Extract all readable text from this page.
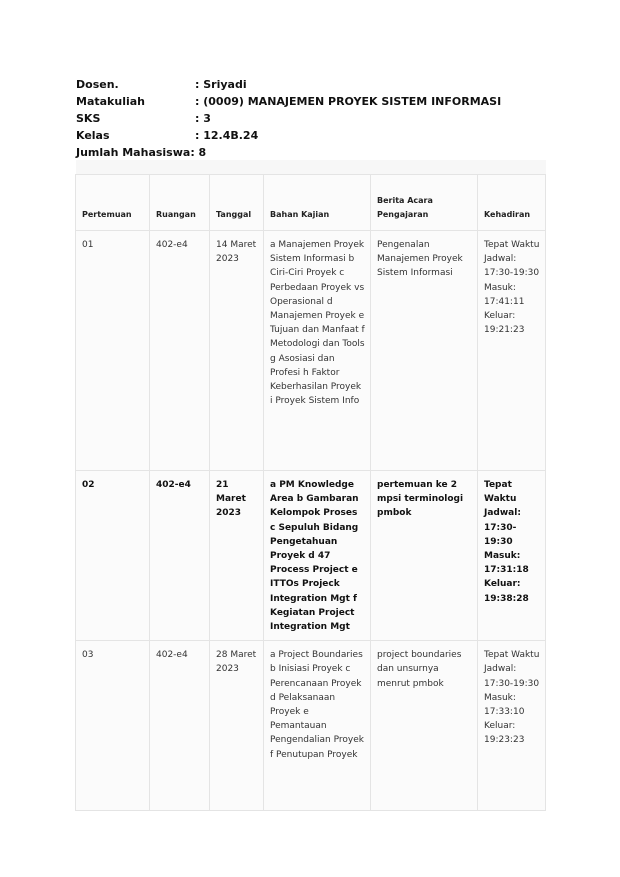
Dosen.	: Sriyadi
Matakuliah	: (0009) MANAJEMEN PROYEK SISTEM INFORMASI
SKS	: 3
Kelas	: 12.4B.24
Jumlah Mahasiswa : 8

Pertemuan	Ruangan	Tanggal	Bahan Kajian	Berita Acara Pengajaran	Kehadiran
01	402-e4	14 Maret 2023	a Manajemen Proyek Sistem Informasi b Ciri-Ciri Proyek c Perbedaan Proyek vs Operasional d Manajemen Proyek e Tujuan dan Manfaat f Metodologi dan Tools g Asosiasi dan Profesi h Faktor Keberhasilan Proyek i Proyek Sistem Info	Pengenalan Manajemen Proyek Sistem Informasi	Tepat Waktu Jadwal: 17:30-19:30 Masuk: 17:41:11 Keluar: 19:21:23
02	402-e4	21 Maret 2023	a PM Knowledge Area b Gambaran Kelompok Proses c Sepuluh Bidang Pengetahuan Proyek d 47 Process Project e ITTOs Projeck Integration Mgt f Kegiatan Project Integration Mgt	pertemuan ke 2 mpsi terminologi pmbok	Tepat Waktu Jadwal: 17:30-19:30 Masuk: 17:31:18 Keluar: 19:38:28
03	402-e4	28 Maret 2023	a Project Boundaries b Inisiasi Proyek c Perencanaan Proyek d Pelaksanaan Proyek e Pemantauan Pengendalian Proyek f Penutupan Proyek	project boundaries dan unsurnya menrut pmbok	Tepat Waktu Jadwal: 17:30-19:30 Masuk: 17:33:10 Keluar: 19:23:23
